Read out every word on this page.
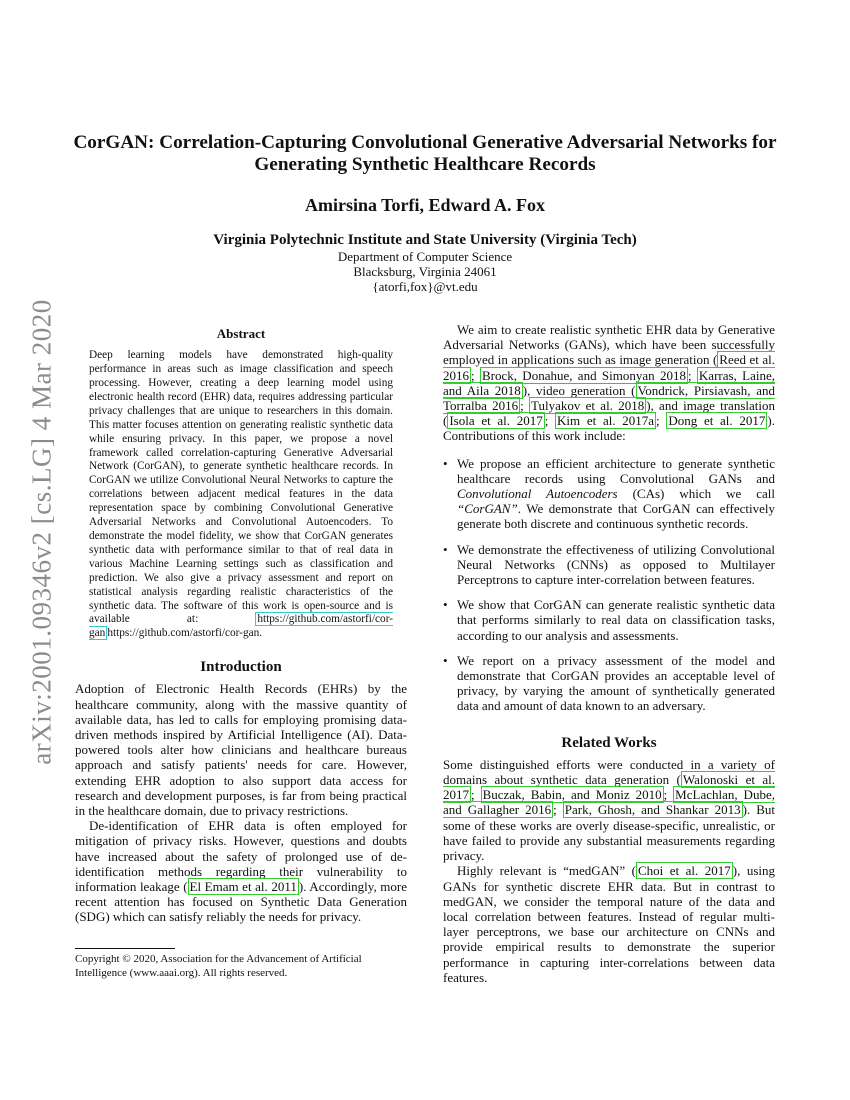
arXiv:2001.09346v2 [cs.LG] 4 Mar 2020
CorGAN: Correlation-Capturing Convolutional Generative Adversarial Networks for Generating Synthetic Healthcare Records
Amirsina Torfi, Edward A. Fox
Virginia Polytechnic Institute and State University (Virginia Tech)
Department of Computer Science
Blacksburg, Virginia 24061
{atorfi,fox}@vt.edu
Abstract
Deep learning models have demonstrated high-quality performance in areas such as image classification and speech processing. However, creating a deep learning model using electronic health record (EHR) data, requires addressing particular privacy challenges that are unique to researchers in this domain. This matter focuses attention on generating realistic synthetic data while ensuring privacy. In this paper, we propose a novel framework called correlation-capturing Generative Adversarial Network (CorGAN), to generate synthetic healthcare records. In CorGAN we utilize Convolutional Neural Networks to capture the correlations between adjacent medical features in the data representation space by combining Convolutional Generative Adversarial Networks and Convolutional Autoencoders. To demonstrate the model fidelity, we show that CorGAN generates synthetic data with performance similar to that of real data in various Machine Learning settings such as classification and prediction. We also give a privacy assessment and report on statistical analysis regarding realistic characteristics of the synthetic data. The software of this work is open-source and is available at: https://github.com/astorfi/cor-gan https://github.com/astorfi/cor-gan.
Introduction

Adoption of Electronic Health Records (EHRs) by the healthcare community, along with the massive quantity of available data, has led to calls for employing promising data-driven methods inspired by Artificial Intelligence (AI). Data-powered tools alter how clinicians and healthcare bureaus approach and satisfy patients' needs for care. However, extending EHR adoption to also support data access for research and development purposes, is far from being practical in the healthcare domain, due to privacy restrictions.

De-identification of EHR data is often employed for mitigation of privacy risks. However, questions and doubts have increased about the safety of prolonged use of de-identification methods regarding their vulnerability to information leakage ( El Emam et al. 2011 ). Accordingly, more recent attention has focused on Synthetic Data Generation (SDG) which can satisfy reliably the needs for privacy.

Copyright © 2020, Association for the Advancement of Artificial Intelligence (www.aaai.org). All rights reserved.

We aim to create realistic synthetic EHR data by Generative Adversarial Networks (GANs), which have been successfully employed in applications such as image generation ( Reed et al. 2016 ; Brock, Donahue, and Simonyan 2018 ; Karras, Laine, and Aila 2018 ), video generation ( Vondrick, Pirsiavash, and Torralba 2016 ; Tulyakov et al. 2018 ), and image translation ( Isola et al. 2017 ; Kim et al. 2017a ; Dong et al. 2017 ). Contributions of this work include:

• We propose an efficient architecture to generate synthetic healthcare records using Convolutional GANs and Convolutional Autoencoders (CAs) which we call “CorGAN”. We demonstrate that CorGAN can effectively generate both discrete and continuous synthetic records.
• We demonstrate the effectiveness of utilizing Convolutional Neural Networks (CNNs) as opposed to Multilayer Perceptrons to capture inter-correlation between features.
• We show that CorGAN can generate realistic synthetic data that performs similarly to real data on classification tasks, according to our analysis and assessments.
• We report on a privacy assessment of the model and demonstrate that CorGAN provides an acceptable level of privacy, by varying the amount of synthetically generated data and amount of data known to an adversary.
Related Works

Some distinguished efforts were conducted in a variety of domains about synthetic data generation ( Walonoski et al. 2017 ; Buczak, Babin, and Moniz 2010 ; McLachlan, Dube, and Gallagher 2016 ; Park, Ghosh, and Shankar 2013 ). But some of these works are overly disease-specific, unrealistic, or have failed to provide any substantial measurements regarding privacy.

Highly relevant is “medGAN” ( Choi et al. 2017 ), using GANs for synthetic discrete EHR data. But in contrast to medGAN, we consider the temporal nature of the data and local correlation between features. Instead of regular multi-layer perceptrons, we base our architecture on CNNs and provide empirical results to demonstrate the superior performance in capturing inter-correlations between data features.
